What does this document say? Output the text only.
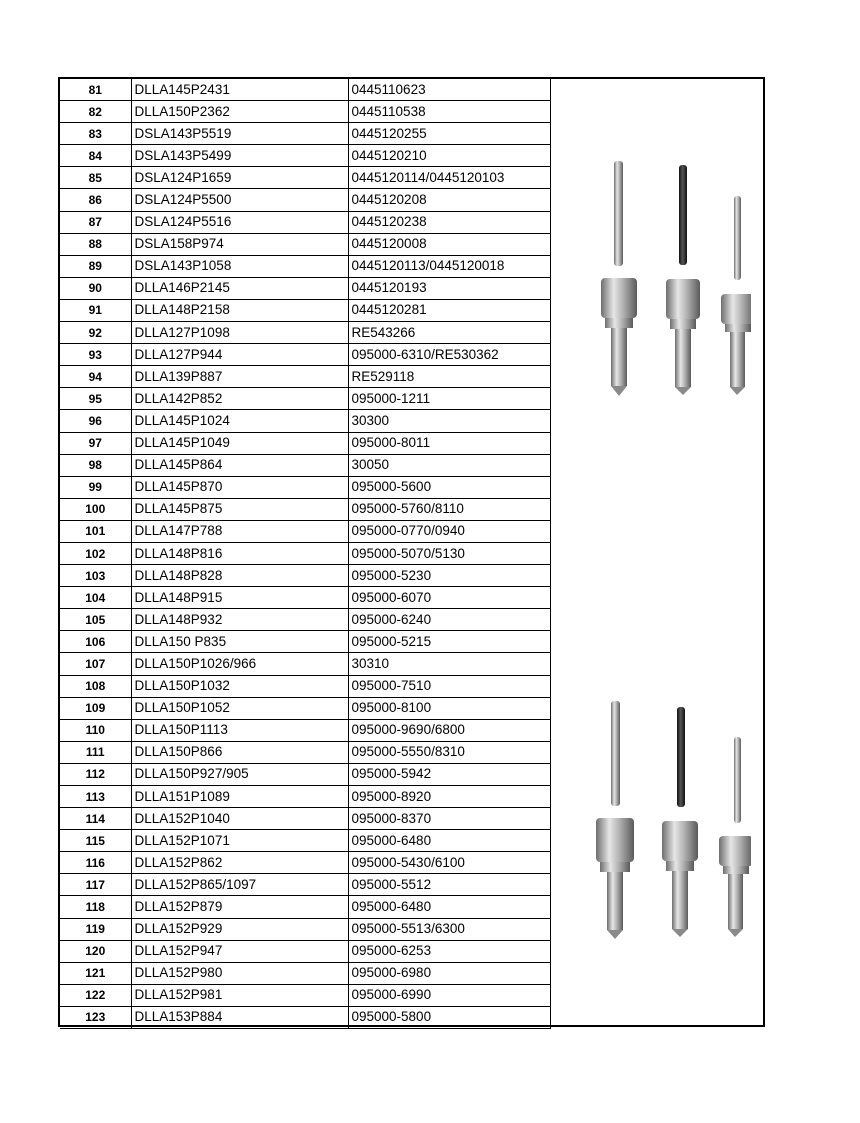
81	DLLA145P2431	0445110623
82	DLLA150P2362	0445110538
83	DSLA143P5519	0445120255
84	DSLA143P5499	0445120210
85	DSLA124P1659	0445120114/0445120103
86	DSLA124P5500	0445120208
87	DSLA124P5516	0445120238
88	DSLA158P974	0445120008
89	DSLA143P1058	0445120113/0445120018
90	DLLA146P2145	0445120193
91	DLLA148P2158	0445120281
92	DLLA127P1098	RE543266
93	DLLA127P944	095000-6310/RE530362
94	DLLA139P887	RE529118
95	DLLA142P852	095000-1211
96	DLLA145P1024	30300
97	DLLA145P1049	095000-8011
98	DLLA145P864	30050
99	DLLA145P870	095000-5600
100	DLLA145P875	095000-5760/8110
101	DLLA147P788	095000-0770/0940
102	DLLA148P816	095000-5070/5130
103	DLLA148P828	095000-5230
104	DLLA148P915	095000-6070
105	DLLA148P932	095000-6240
106	DLLA150 P835	095000-5215
107	DLLA150P1026/966	30310
108	DLLA150P1032	095000-7510
109	DLLA150P1052	095000-8100
110	DLLA150P1113	095000-9690/6800
111	DLLA150P866	095000-5550/8310
112	DLLA150P927/905	095000-5942
113	DLLA151P1089	095000-8920
114	DLLA152P1040	095000-8370
115	DLLA152P1071	095000-6480
116	DLLA152P862	095000-5430/6100
117	DLLA152P865/1097	095000-5512
118	DLLA152P879	095000-6480
119	DLLA152P929	095000-5513/6300
120	DLLA152P947	095000-6253
121	DLLA152P980	095000-6980
122	DLLA152P981	095000-6990
123	DLLA153P884	095000-5800
